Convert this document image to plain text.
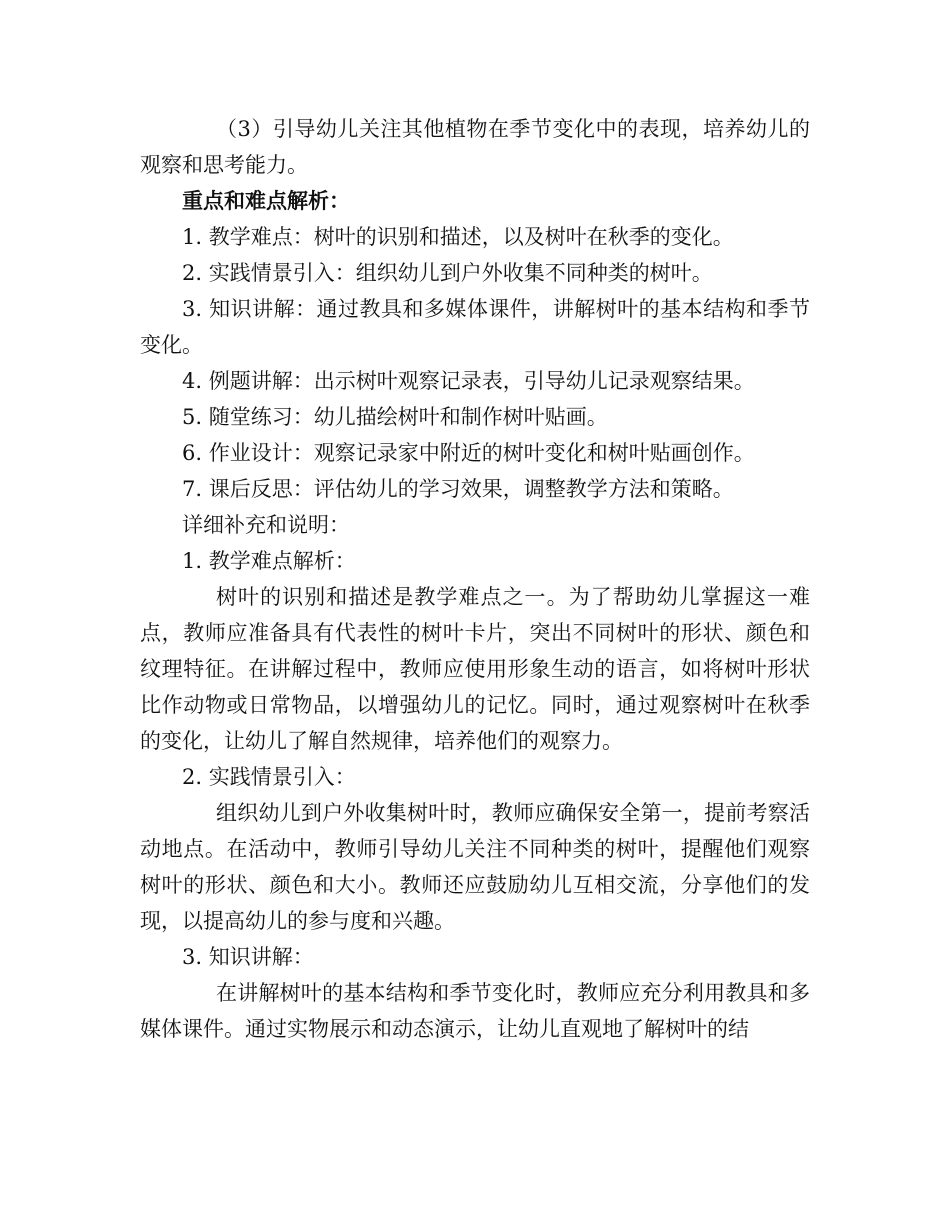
（3）引导幼儿关注其他植物在季节变化中的表现，培养幼儿的观察和思考能力。

重点和难点解析：

1. 教学难点：树叶的识别和描述，以及树叶在秋季的变化。

2. 实践情景引入：组织幼儿到户外收集不同种类的树叶。

3. 知识讲解：通过教具和多媒体课件，讲解树叶的基本结构和季节变化。

4. 例题讲解：出示树叶观察记录表，引导幼儿记录观察结果。

5. 随堂练习：幼儿描绘树叶和制作树叶贴画。

6. 作业设计：观察记录家中附近的树叶变化和树叶贴画创作。

7. 课后反思：评估幼儿的学习效果，调整教学方法和策略。

详细补充和说明：

1. 教学难点解析：

树叶的识别和描述是教学难点之一。为了帮助幼儿掌握这一难点，教师应准备具有代表性的树叶卡片，突出不同树叶的形状、颜色和纹理特征。在讲解过程中，教师应使用形象生动的语言，如将树叶形状比作动物或日常物品，以增强幼儿的记忆。同时，通过观察树叶在秋季的变化，让幼儿了解自然规律，培养他们的观察力。

2. 实践情景引入：

组织幼儿到户外收集树叶时，教师应确保安全第一，提前考察活动地点。在活动中，教师引导幼儿关注不同种类的树叶，提醒他们观察树叶的形状、颜色和大小。教师还应鼓励幼儿互相交流，分享他们的发现，以提高幼儿的参与度和兴趣。

3. 知识讲解：

在讲解树叶的基本结构和季节变化时，教师应充分利用教具和多媒体课件。通过实物展示和动态演示，让幼儿直观地了解树叶的结
